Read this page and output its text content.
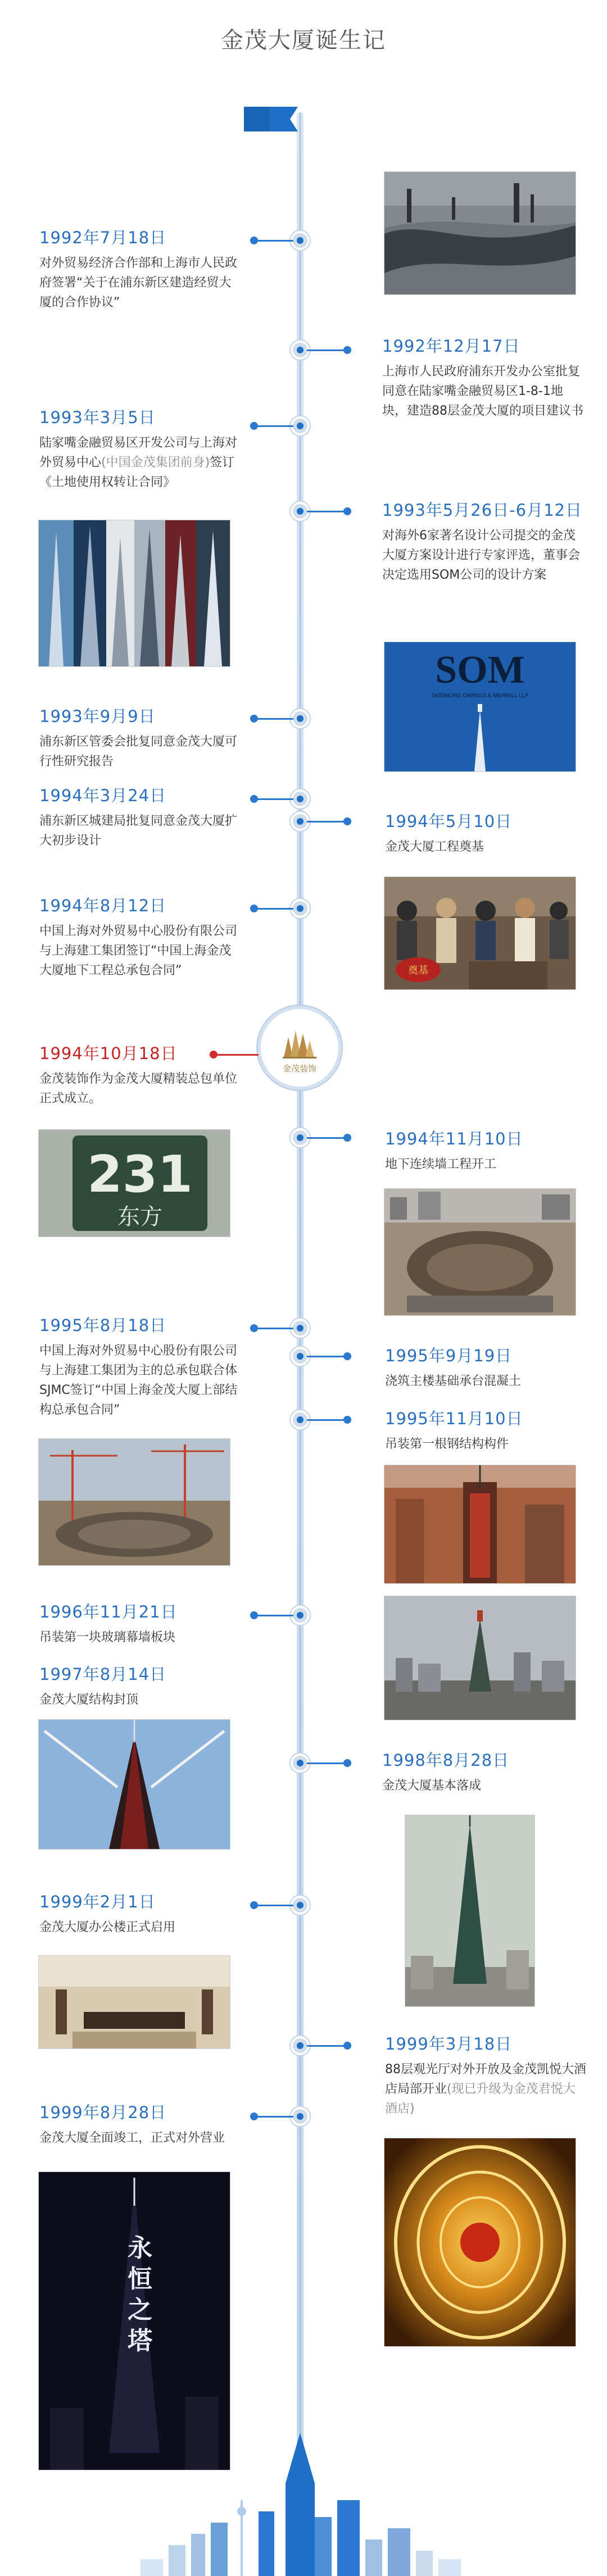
金茂大厦诞生记
金茂装饰
1992年7月18日
对外贸易经济合作部和上海市人民政府签署“关于在浦东新区建造经贸大厦的合作协议”
1992年12月17日
上海市人民政府浦东开发办公室批复同意在陆家嘴金融贸易区1-8-1地块，建造88层金茂大厦的项目建议书
1993年3月5日
陆家嘴金融贸易区开发公司与上海对外贸易中心(中国金茂集团前身)签订《土地使用权转让合同》
1993年5月26日-6月12日
对海外6家著名设计公司提交的金茂大厦方案设计进行专家评选，董事会决定选用SOM公司的设计方案
1993年9月9日
浦东新区管委会批复同意金茂大厦可行性研究报告
1994年3月24日
浦东新区城建局批复同意金茂大厦扩大初步设计
1994年5月10日
金茂大厦工程奠基
1994年8月12日
中国上海对外贸易中心股份有限公司与上海建工集团签订“中国上海金茂大厦地下工程总承包合同”
1994年10月18日
金茂装饰作为金茂大厦精装总包单位正式成立。
1994年11月10日
地下连续墙工程开工
1995年8月18日
中国上海对外贸易中心股份有限公司与上海建工集团为主的总承包联合体SJMC签订“中国上海金茂大厦上部结构总承包合同”
1995年9月19日
浇筑主楼基础承台混凝土
1995年11月10日
吊装第一根钢结构构件
1996年11月21日
吊装第一块玻璃幕墙板块
1997年8月14日
金茂大厦结构封顶
1998年8月28日
金茂大厦基本落成
1999年2月1日
金茂大厦办公楼正式启用
1999年3月18日
88层观光厅对外开放及金茂凯悦大酒店局部开业(现已升级为金茂君悦大酒店)
1999年8月28日
金茂大厦全面竣工，正式对外营业
SOM
SKIDMORE OWINGS & MERRILL LLP
奠基
231
东方
永
恒
之
塔
